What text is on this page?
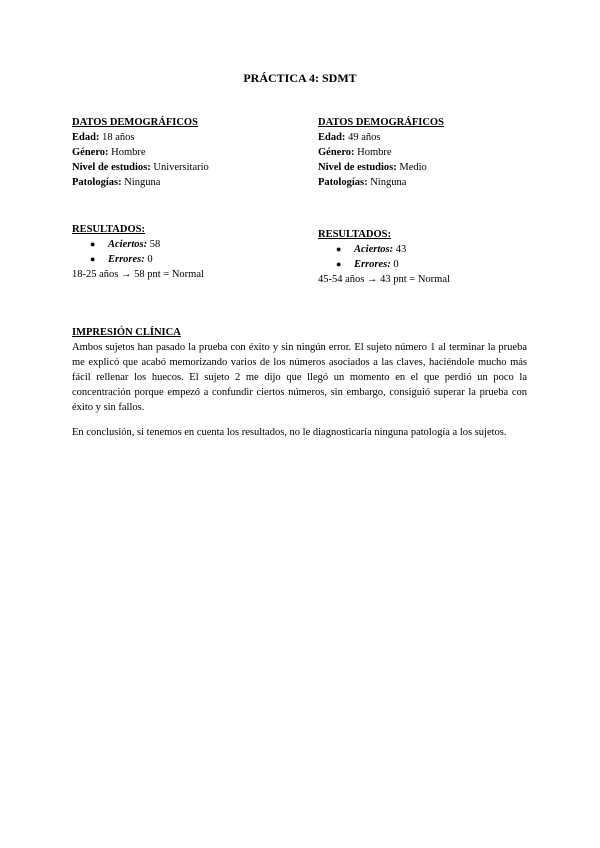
PRÁCTICA 4: SDMT
DATOS DEMOGRÁFICOS
Edad: 18 años
Género: Hombre
Nivel de estudios: Universitario
Patologías: Ninguna
DATOS DEMOGRÁFICOS
Edad: 49 años
Género: Hombre
Nivel de estudios: Medio
Patologías: Ninguna
RESULTADOS:
● Aciertos: 58
● Errores: 0
18-25 años → 58 pnt = Normal
RESULTADOS:
● Aciertos: 43
● Errores: 0
45-54 años → 43 pnt = Normal
IMPRESIÓN CLÍNICA

Ambos sujetos han pasado la prueba con éxito y sin ningún error. El sujeto número 1 al terminar la prueba me explicó que acabó memorizando varios de los números asociados a las claves, haciéndole mucho más fácil rellenar los huecos. El sujeto 2 me dijo que llegó un momento en el que perdió un poco la concentración porque empezó a confundir ciertos números, sin embargo, consiguió superar la prueba con éxito y sin fallos.

En conclusión, si tenemos en cuenta los resultados, no le diagnosticaría ninguna patología a los sujetos.
